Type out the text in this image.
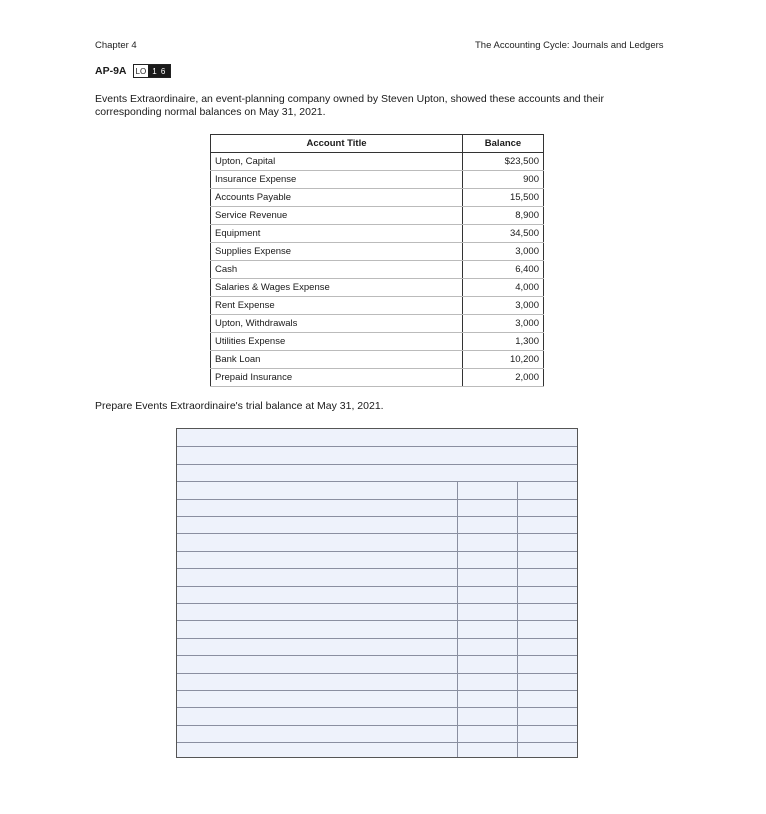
Chapter 4	The Accounting Cycle: Journals and Ledgers
AP-9A LO 1 6
Events Extraordinaire, an event-planning company owned by Steven Upton, showed these accounts and their corresponding normal balances on May 31, 2021.
Account Title	Balance
Upton, Capital	$23,500
Insurance Expense	900
Accounts Payable	15,500
Service Revenue	8,900
Equipment	34,500
Supplies Expense	3,000
Cash	6,400
Salaries & Wages Expense	4,000
Rent Expense	3,000
Upton, Withdrawals	3,000
Utilities Expense	1,300
Bank Loan	10,200
Prepaid Insurance	2,000
Prepare Events Extraordinaire's trial balance at May 31, 2021.
